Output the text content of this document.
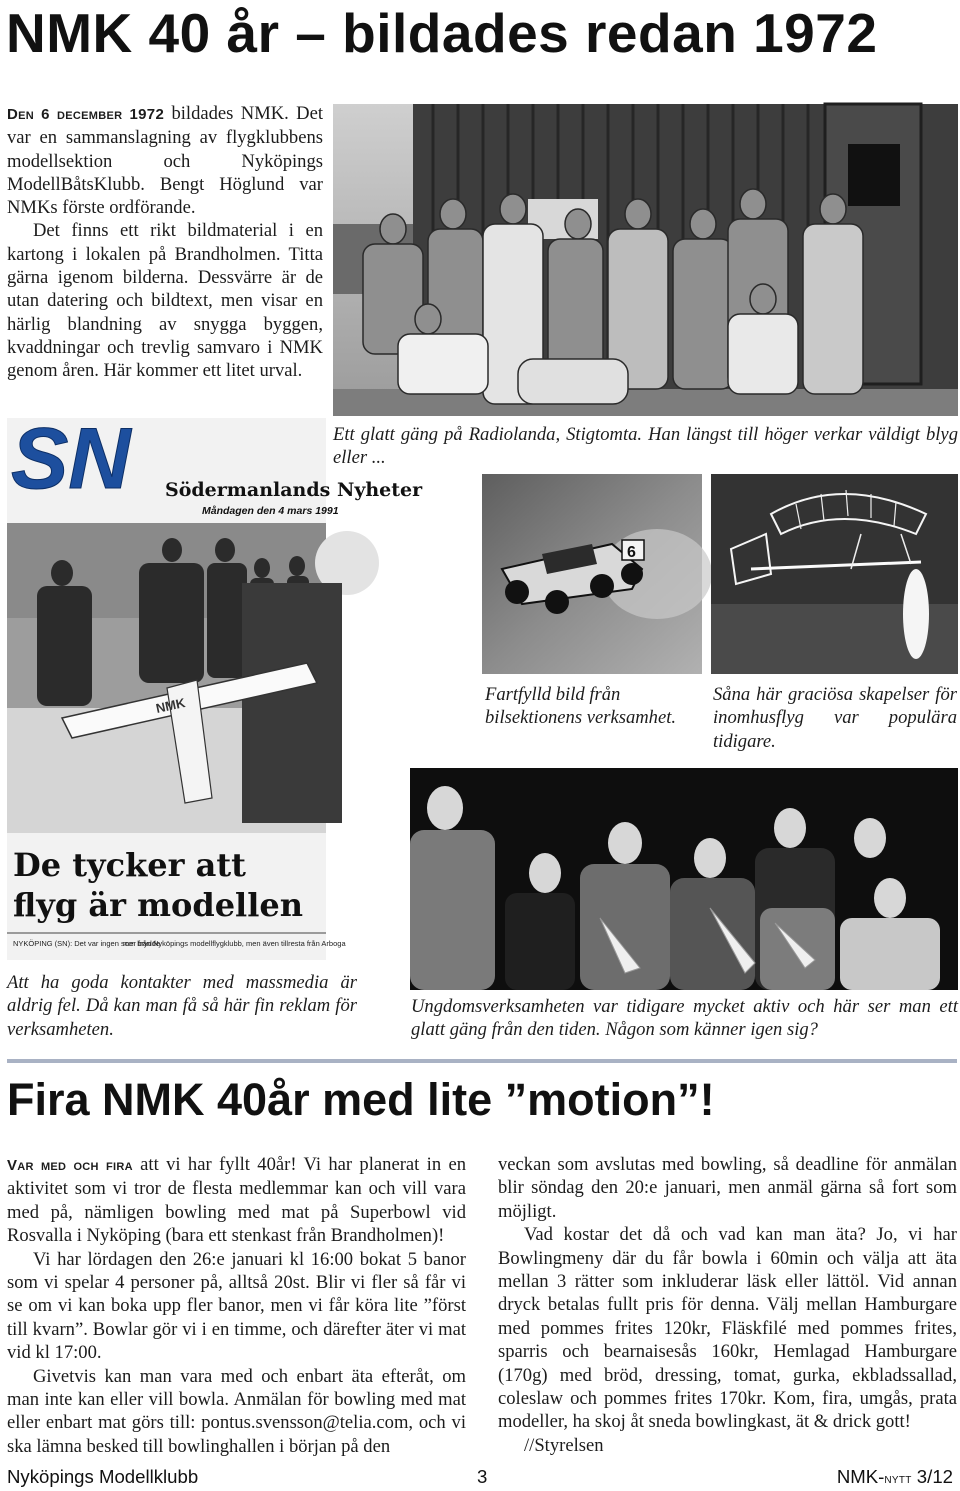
NMK 40 år – bildades redan 1972

Den 6 december 1972 bildades NMK. Det var en sammanslagning av flygklubbens modellsektion och Nyköpings ModellBåtsKlubb. Bengt Höglund var NMKs förste ordförande.

Det finns ett rikt bildmaterial i en kartong i lokalen på Brandholmen. Titta gärna igenom bilderna. Dessvärre är de utan datering och bildtext, men visar en härlig blandning av snygga byggen, kvaddningar och trevlig samvaro i NMK genom åren. Här kommer ett litet urval.

Ett glatt gäng på Radiolanda, Stigtomta. Han längst till höger verkar väldigt blyg eller ...

SN Södermanlands Nyheter
Måndagen den 4 mars 1991
NMK
De tycker att
flyg är modellen
NYKÖPING (SN): Det var ingen som brydde
mer från Nyköpings modellflygklubb, men även tillresta från Arboga
6

Fartfylld bild från bilsektionens verksamhet.

Såna här graciösa skapelser för inomhusflyg var populära tidigare.

Att ha goda kontakter med massmedia är aldrig fel. Då kan man få så här fin reklam för verksamheten.

Ungdomsverksamheten var tidigare mycket aktiv och här ser man ett glatt gäng från den tiden. Någon som känner igen sig?

Fira NMK 40år med lite ”motion”!

Var med och fira att vi har fyllt 40år! Vi har planerat in en aktivitet som vi tror de flesta medlemmar kan och vill vara med på, nämligen bowling med mat på Superbowl vid Rosvalla i Nyköping (bara ett stenkast från Brandholmen)!

Vi har lördagen den 26:e januari kl 16:00 bokat 5 banor som vi spelar 4 personer på, alltså 20st. Blir vi fler så får vi se om vi kan boka upp fler banor, men vi får köra lite ”först till kvarn”. Bowlar gör vi i en timme, och därefter äter vi mat vid kl 17:00.

Givetvis kan man vara med och enbart äta efteråt, om man inte kan eller vill bowla. Anmälan för bowling med mat eller enbart mat görs till: pontus.svensson@telia.com, och vi ska lämna besked till bowlinghallen i början på den

veckan som avslutas med bowling, så deadline för anmälan blir söndag den 20:e januari, men anmäl gärna så fort som möjligt.

Vad kostar det då och vad kan man äta? Jo, vi har Bowlingmeny där du får bowla i 60min och välja att äta mellan 3 rätter som inkluderar läsk eller lättöl. Vid annan dryck betalas fullt pris för denna. Välj mellan Hamburgare med pommes frites 120kr, Fläskfilé med pommes frites, sparris och bearnaisesås 160kr, Hemlagad Hamburgare (170g) med bröd, dressing, tomat, gurka, ekbladssallad, coleslaw och pommes frites 170kr. Kom, fira, umgås, prata modeller, ha skoj åt sneda bowlingkast, ät & drick gott!

//Styrelsen

Nyköpings Modellklubb	3	NMK-nytt 3/12
